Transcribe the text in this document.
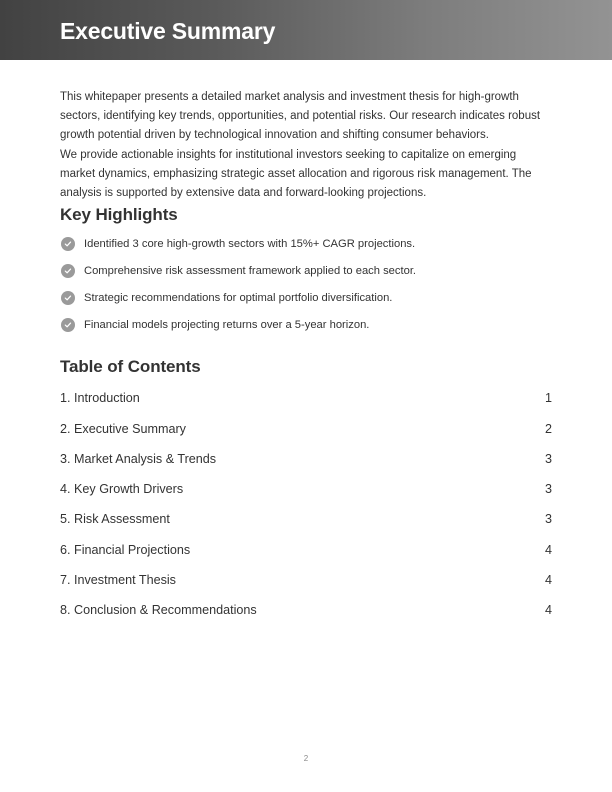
Executive Summary

This whitepaper presents a detailed market analysis and investment thesis for high-growth sectors, identifying key trends, opportunities, and potential risks. Our research indicates robust growth potential driven by technological innovation and shifting consumer behaviors.

We provide actionable insights for institutional investors seeking to capitalize on emerging market dynamics, emphasizing strategic asset allocation and rigorous risk management. The analysis is supported by extensive data and forward-looking projections.

Key Highlights
Identified 3 core high-growth sectors with 15%+ CAGR projections.
Comprehensive risk assessment framework applied to each sector.
Strategic recommendations for optimal portfolio diversification.
Financial models projecting returns over a 5-year horizon.
Table of Contents
1. Introduction	1
2. Executive Summary	2
3. Market Analysis & Trends	3
4. Key Growth Drivers	3
5. Risk Assessment	3
6. Financial Projections	4
7. Investment Thesis	4
8. Conclusion & Recommendations	4
2
